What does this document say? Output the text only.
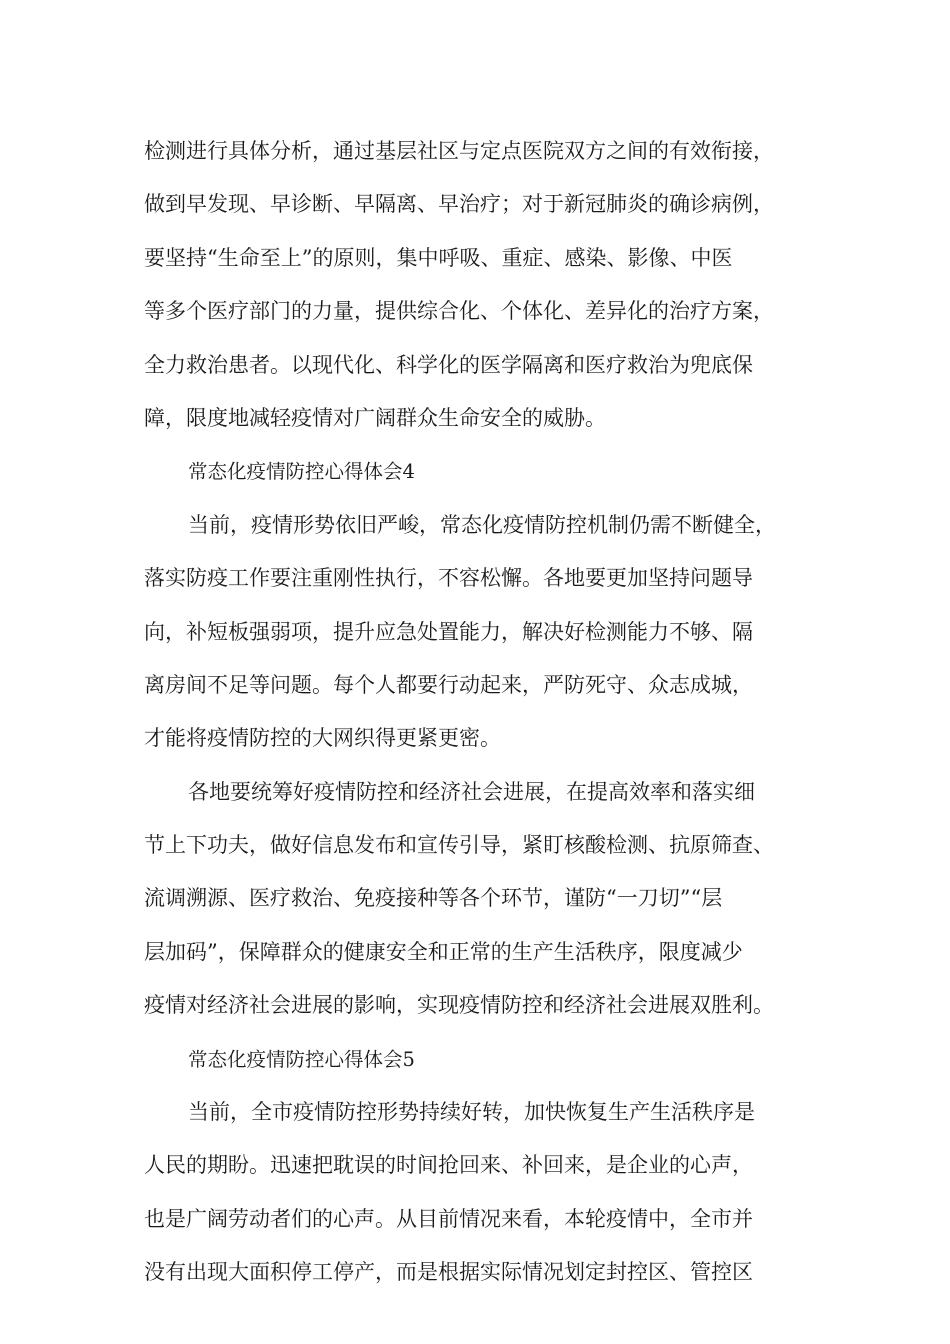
检测进行具体分析，通过基层社区与定点医院双方之间的有效衔接，
做到早发现、早诊断、早隔离、早治疗；对于新冠肺炎的确诊病例，
要坚持“生命至上”的原则，集中呼吸、重症、感染、影像、中医
等多个医疗部门的力量，提供综合化、个体化、差异化的治疗方案，
全力救治患者。以现代化、科学化的医学隔离和医疗救治为兜底保
障，限度地减轻疫情对广阔群众生命安全的威胁。
常态化疫情防控心得体会4
当前，疫情形势依旧严峻，常态化疫情防控机制仍需不断健全，
落实防疫工作要注重刚性执行，不容松懈。各地要更加坚持问题导
向，补短板强弱项，提升应急处置能力，解决好检测能力不够、隔
离房间不足等问题。每个人都要行动起来，严防死守、众志成城，
才能将疫情防控的大网织得更紧更密。
各地要统筹好疫情防控和经济社会进展，在提高效率和落实细
节上下功夫，做好信息发布和宣传引导，紧盯核酸检测、抗原筛查、
流调溯源、医疗救治、免疫接种等各个环节，谨防“一刀切”“层
层加码”，保障群众的健康安全和正常的生产生活秩序，限度减少
疫情对经济社会进展的影响，实现疫情防控和经济社会进展双胜利。
常态化疫情防控心得体会5
当前，全市疫情防控形势持续好转，加快恢复生产生活秩序是
人民的期盼。迅速把耽误的时间抢回来、补回来，是企业的心声，
也是广阔劳动者们的心声。从目前情况来看，本轮疫情中，全市并
没有出现大面积停工停产，而是根据实际情况划定封控区、管控区
